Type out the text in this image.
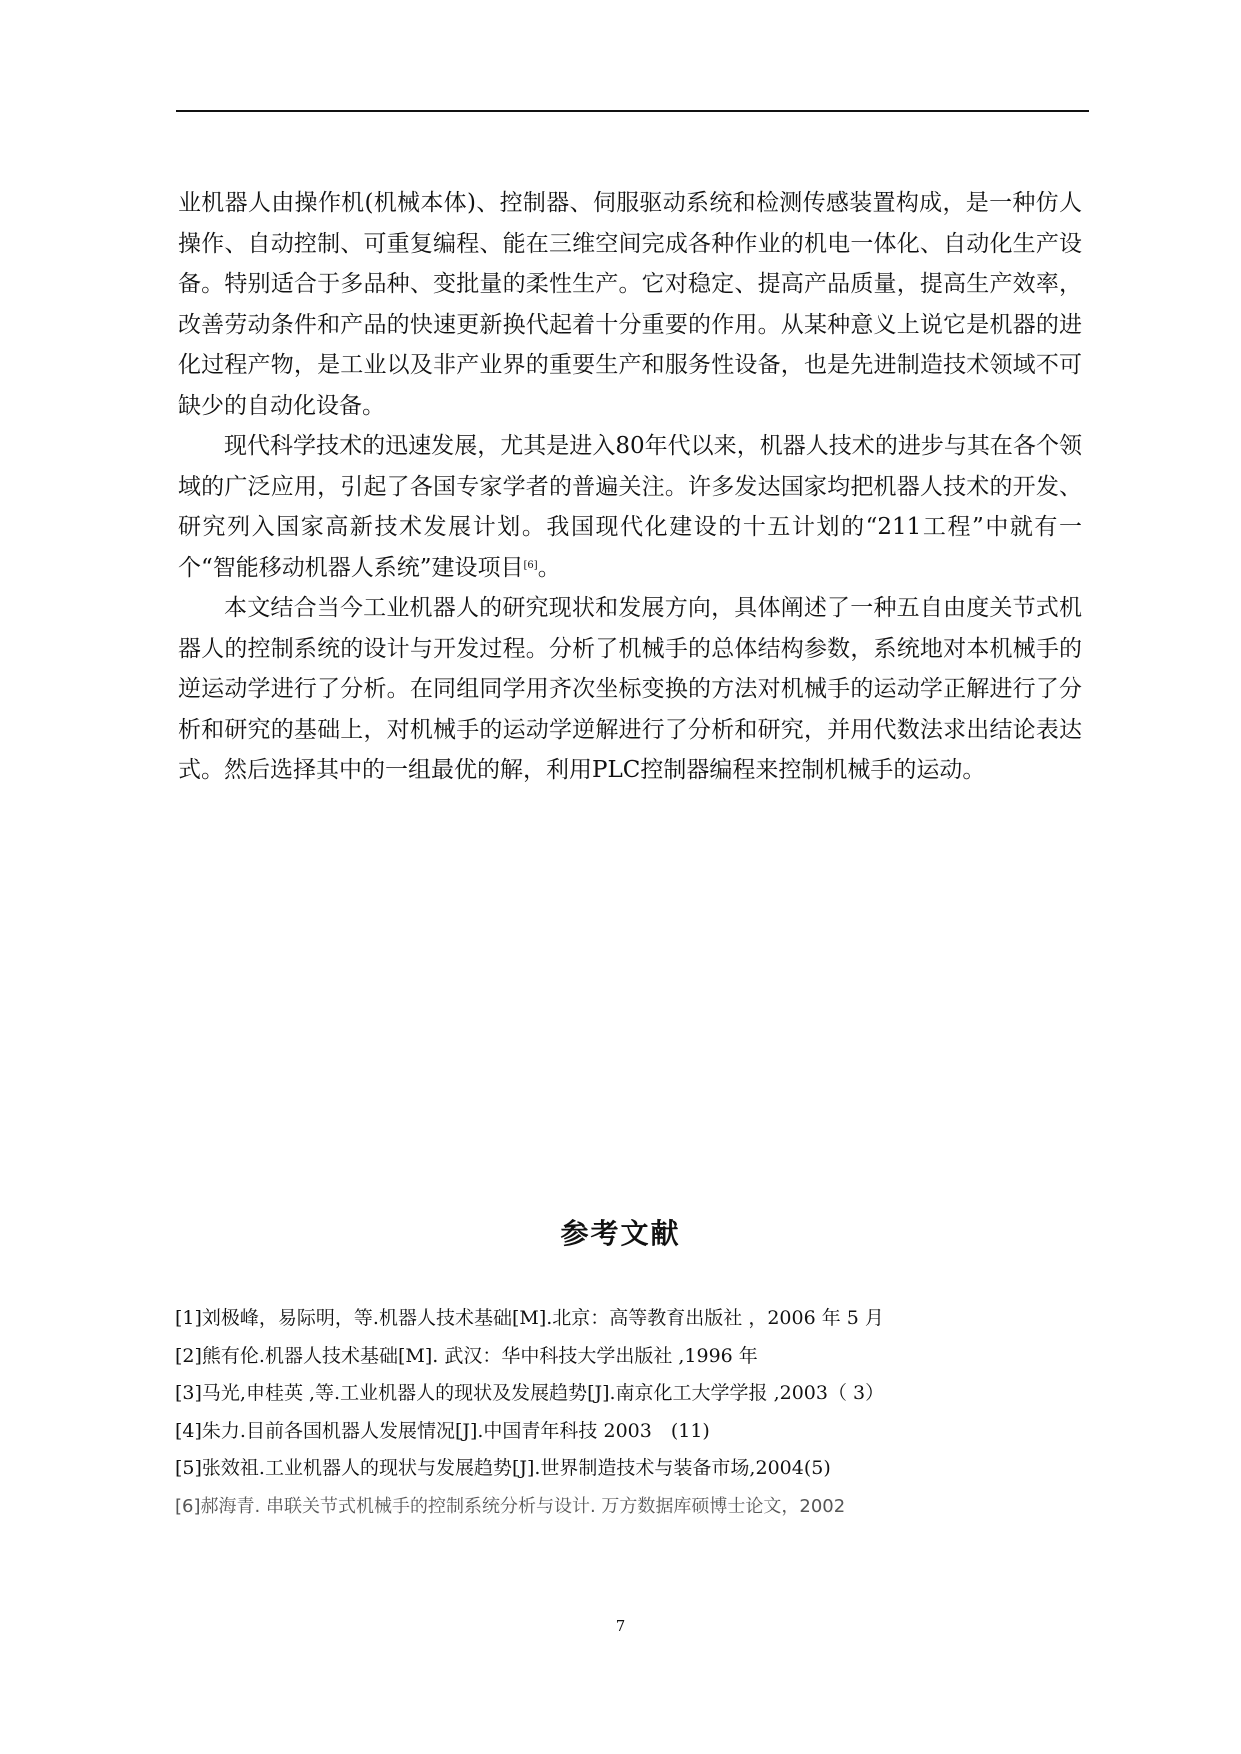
业机器人由操作机(机械本体)、控制器、伺服驱动系统和检测传感装置构成，是一种仿人操作、自动控制、可重复编程、能在三维空间完成各种作业的机电一体化、自动化生产设备。特别适合于多品种、变批量的柔性生产。它对稳定、提高产品质量，提高生产效率，改善劳动条件和产品的快速更新换代起着十分重要的作用。从某种意义上说它是机器的进化过程产物，是工业以及非产业界的重要生产和服务性设备，也是先进制造技术领域不可缺少的自动化设备。

现代科学技术的迅速发展，尤其是进入80年代以来，机器人技术的进步与其在各个领域的广泛应用，引起了各国专家学者的普遍关注。许多发达国家均把机器人技术的开发、研究列入国家高新技术发展计划。我国现代化建设的十五计划的“211工程”中就有一个“智能移动机器人系统”建设项目[6]。

本文结合当今工业机器人的研究现状和发展方向，具体阐述了一种五自由度关节式机器人的控制系统的设计与开发过程。分析了机械手的总体结构参数，系统地对本机械手的逆运动学进行了分析。在同组同学用齐次坐标变换的方法对机械手的运动学正解进行了分析和研究的基础上，对机械手的运动学逆解进行了分析和研究，并用代数法求出结论表达式。然后选择其中的一组最优的解，利用PLC控制器编程来控制机械手的运动。

参考文献
[1]刘极峰，易际明，等.机器人技术基础[M].北京：高等教育出版社 ，2006 年 5 月
[2]熊有伦.机器人技术基础[M]. 武汉：华中科技大学出版社 ,1996 年
[3]马光,申桂英 ,等.工业机器人的现状及发展趋势[J].南京化工大学学报 ,2003（ 3）
[4]朱力.目前各国机器人发展情况[J].中国青年科技 2003　(11)
[5]张效祖.工业机器人的现状与发展趋势[J].世界制造技术与装备市场,2004(5)
[6]郝海青. 串联关节式机械手的控制系统分析与设计. 万方数据库硕博士论文，2002
7
